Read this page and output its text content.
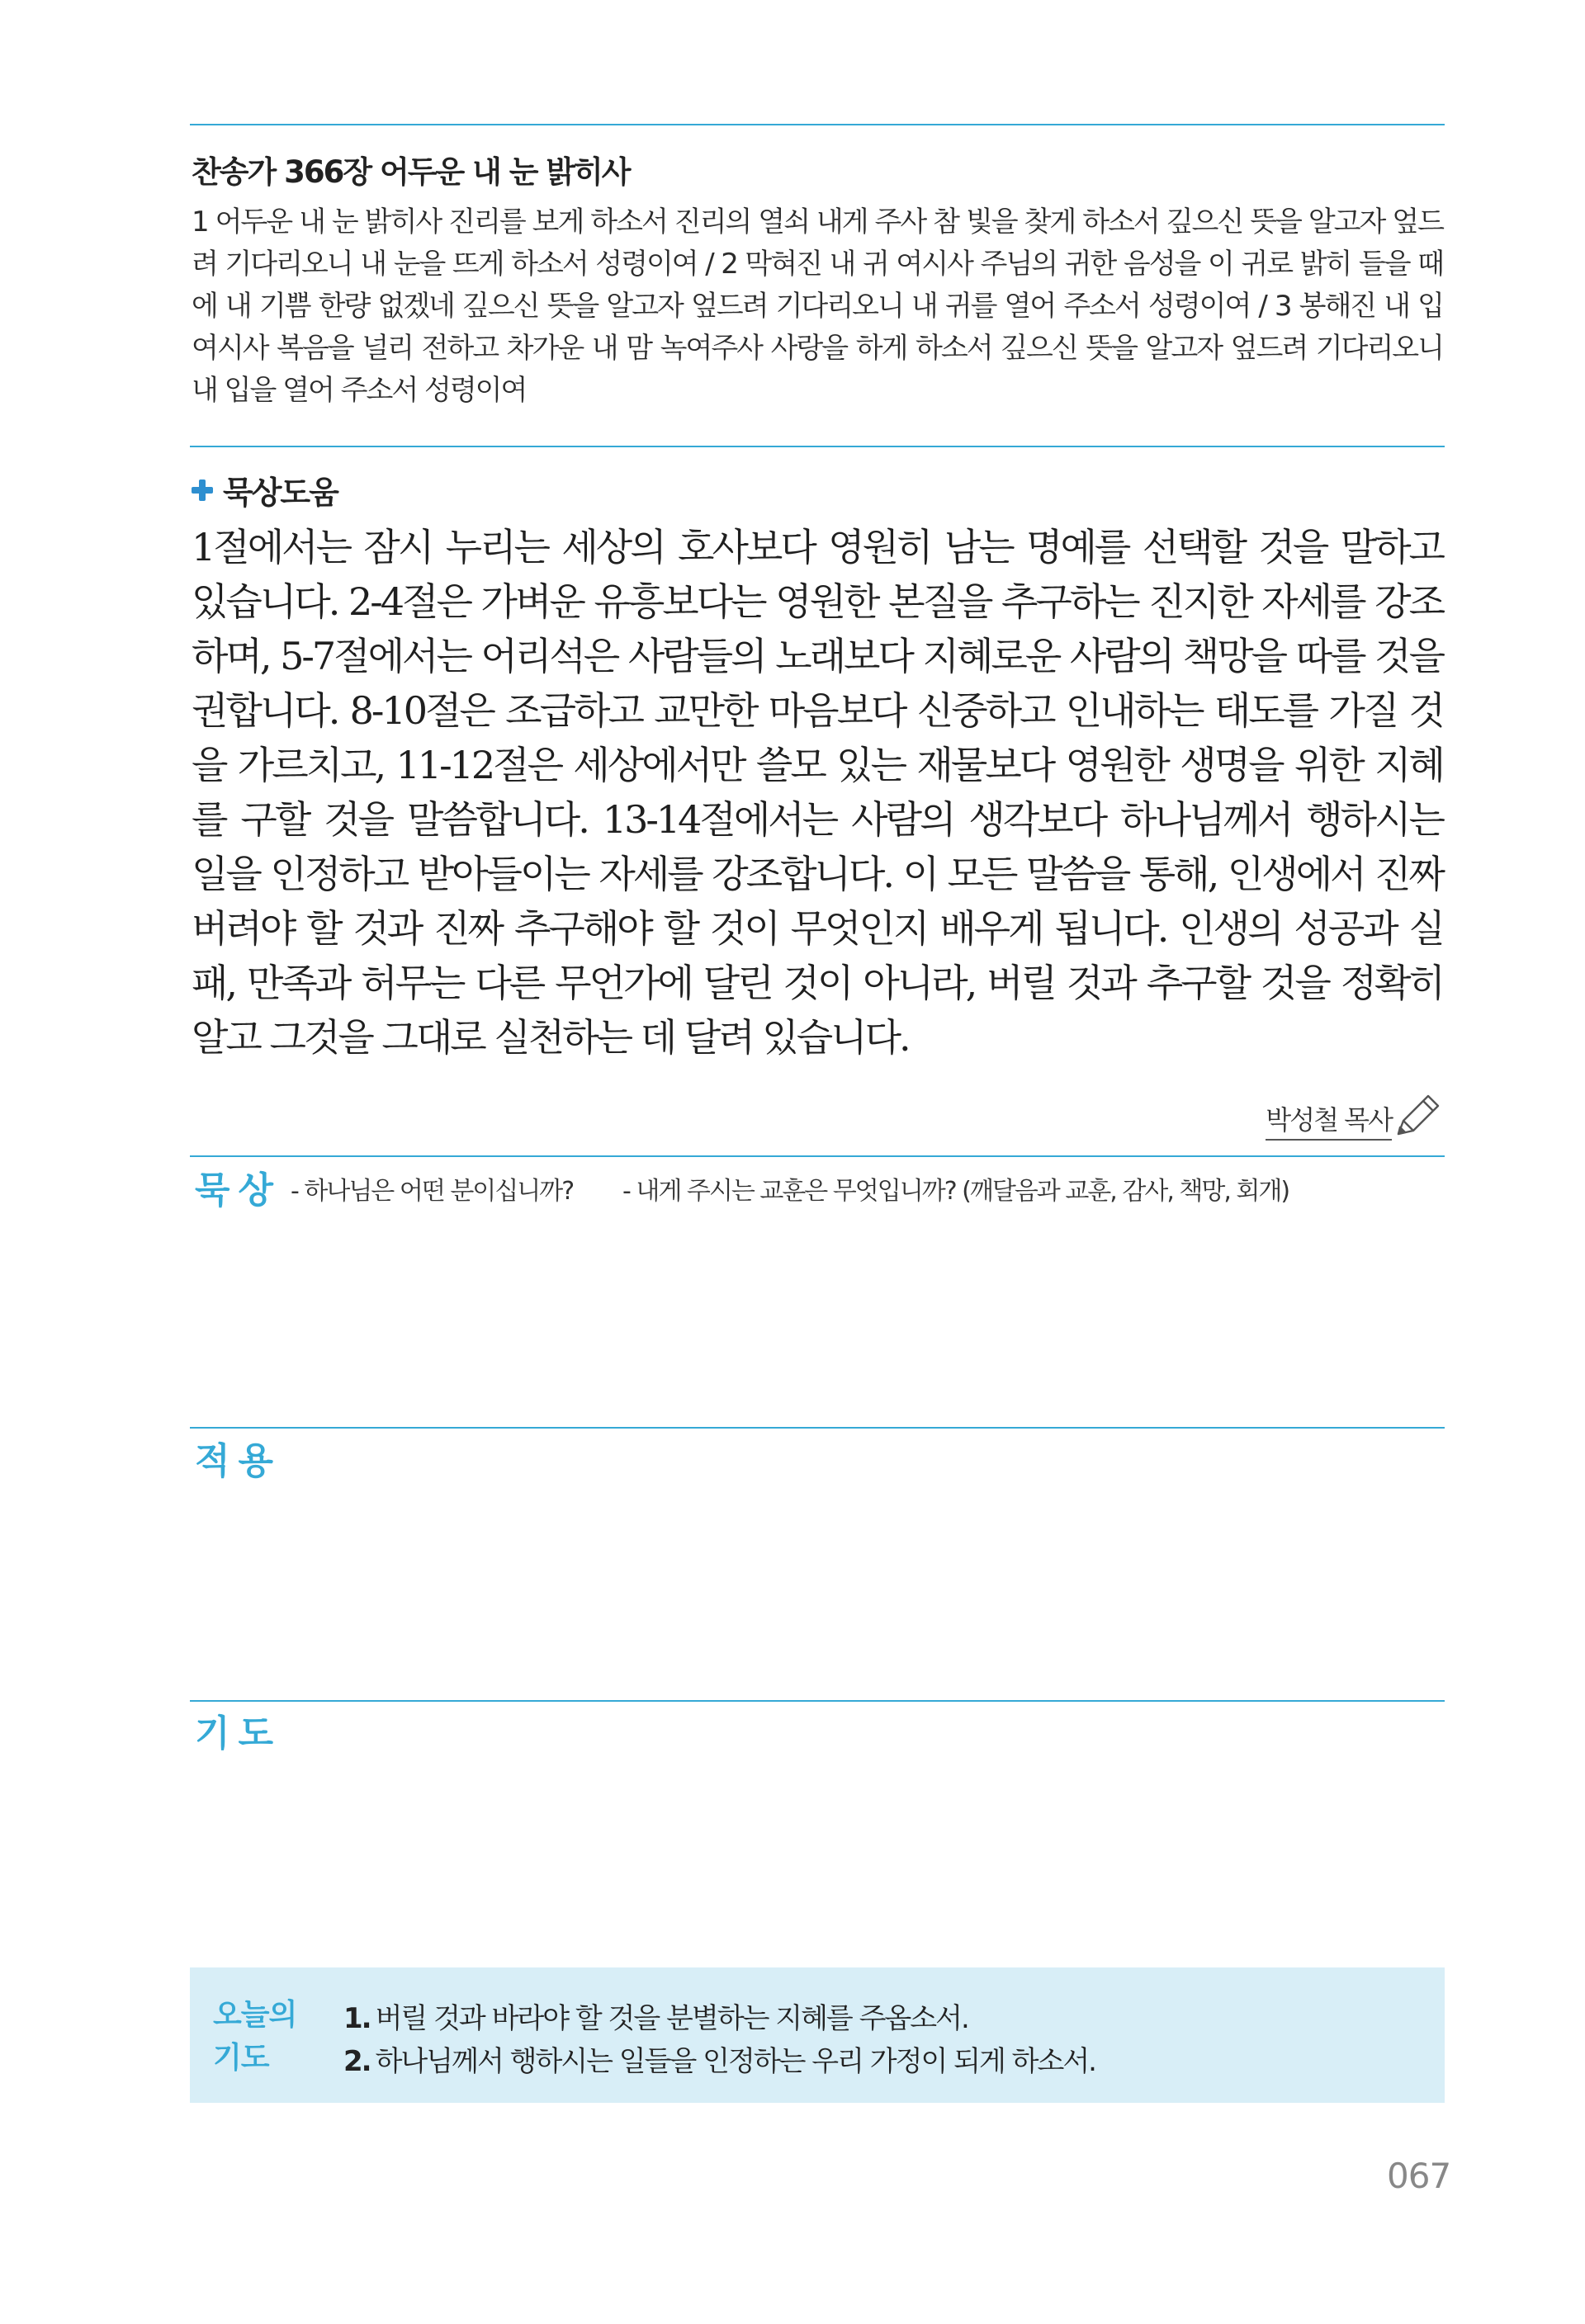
찬송가 366장 어두운 내 눈 밝히사

1 어두운 내 눈 밝히사 진리를 보게 하소서 진리의 열쇠 내게 주사 참 빛을 찾게 하소서 깊으신 뜻을 알고자 엎드려 기다리오니 내 눈을 뜨게 하소서 성령이여 / 2 막혀진 내 귀 여시사 주님의 귀한 음성을 이 귀로 밝히 들을 때에 내 기쁨 한량 없겠네 깊으신 뜻을 알고자 엎드려 기다리오니 내 귀를 열어 주소서 성령이여 / 3 봉해진 내 입 여시사 복음을 널리 전하고 차가운 내 맘 녹여주사 사랑을 하게 하소서 깊으신 뜻을 알고자 엎드려 기다리오니 내 입을 열어 주소서 성령이여

묵상도움

1절에서는 잠시 누리는 세상의 호사보다 영원히 남는 명예를 선택할 것을 말하고 있습니다. 2-4절은 가벼운 유흥보다는 영원한 본질을 추구하는 진지한 자세를 강조하며, 5-7절에서는 어리석은 사람들의 노래보다 지혜로운 사람의 책망을 따를 것을 권합니다. 8-10절은 조급하고 교만한 마음보다 신중하고 인내하는 태도를 가질 것을 가르치고, 11-12절은 세상에서만 쓸모 있는 재물보다 영원한 생명을 위한 지혜를 구할 것을 말씀합니다. 13-14절에서는 사람의 생각보다 하나님께서 행하시는 일을 인정하고 받아들이는 자세를 강조합니다. 이 모든 말씀을 통해, 인생에서 진짜 버려야 할 것과 진짜 추구해야 할 것이 무엇인지 배우게 됩니다. 인생의 성공과 실패, 만족과 허무는 다른 무언가에 달린 것이 아니라, 버릴 것과 추구할 것을 정확히 알고 그것을 그대로 실천하는 데 달려 있습니다.

박성철 목사
묵상 - 하나님은 어떤 분이십니까? - 내게 주시는 교훈은 무엇입니까? (깨달음과 교훈, 감사, 책망, 회개)
적용
기도
오늘의
기도
1. 버릴 것과 바라야 할 것을 분별하는 지혜를 주옵소서.
2. 하나님께서 행하시는 일들을 인정하는 우리 가정이 되게 하소서.
067
